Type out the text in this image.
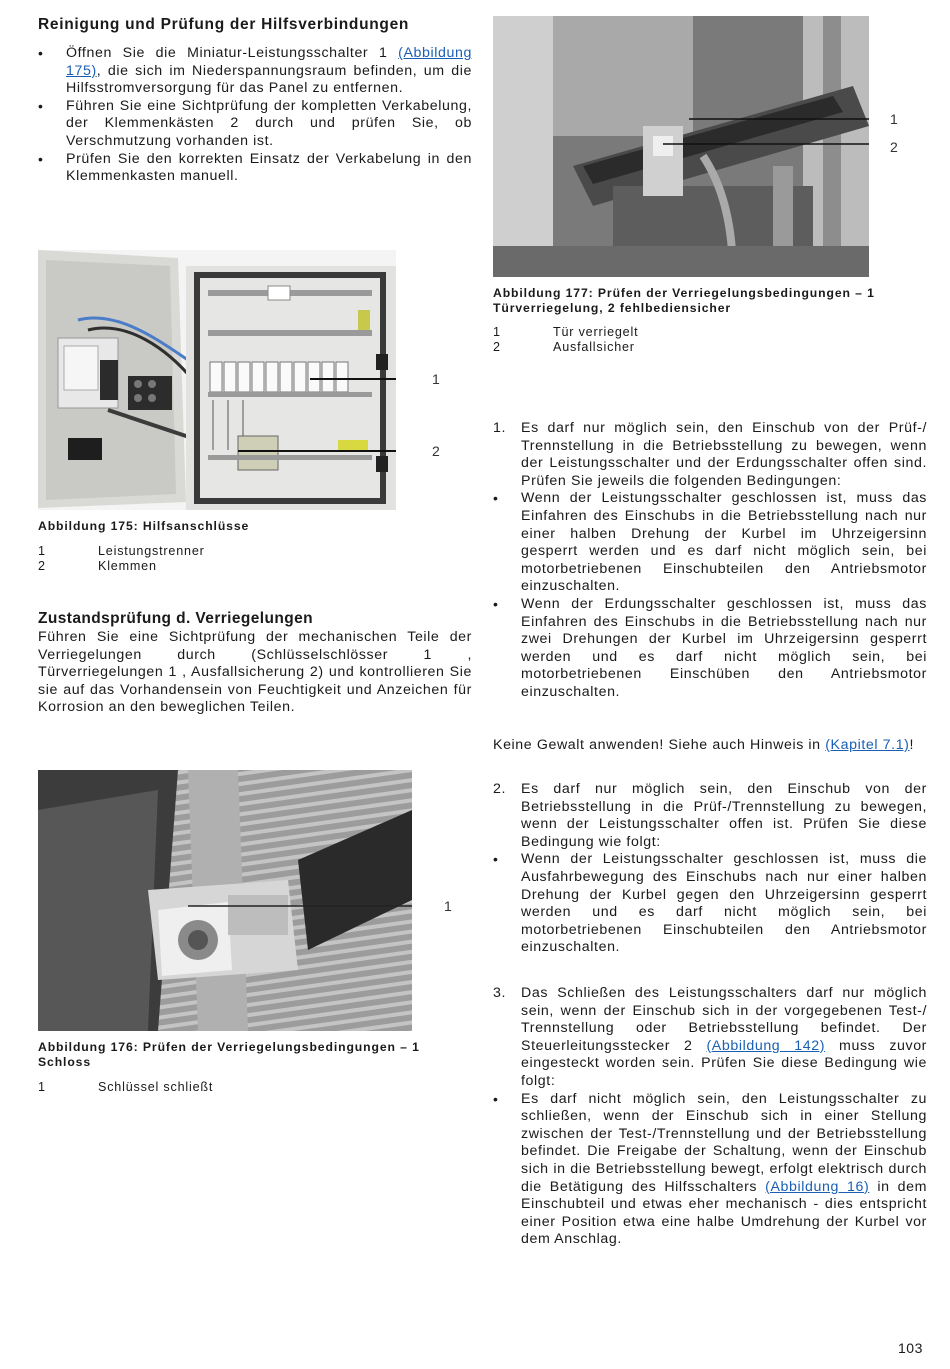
Reinigung und Prüfung der Hilfsverbindungen
• Öffnen Sie die Miniatur-Leistungsschalter 1 (Abbildung 175), die sich im Niederspannungsraum befinden, um die Hilfsstromversorgung für das Panel zu entfernen.
• Führen Sie eine Sichtprüfung der kompletten Verkabelung, der Klemmenkästen 2 durch und prüfen Sie, ob Verschmutzung vorhanden ist.
• Prüfen Sie den korrekten Einsatz der Verkabelung in den Klemmenkasten manuell.
1
2
Abbildung 175: Hilfsanschlüsse
1	Leistungstrenner
2	Klemmen
Zustandsprüfung d. Verriegelungen
Führen Sie eine Sichtprüfung der mechanischen Teile der Verriegelungen durch (Schlüsselschlösser 1 , Türverriegelungen 1 , Ausfallsicherung 2) und kontrollieren Sie sie auf das Vorhandensein von Feuchtigkeit und Anzeichen für Korrosion an den beweglichen Teilen.
1
Abbildung 176: Prüfen der Verriegelungsbedingungen – 1 Schloss
1	Schlüssel schließt
1
2
Abbildung 177: Prüfen der Verriegelungsbedingungen – 1 Türverriegelung, 2 fehlbediensicher
1	Tür verriegelt
2	Ausfallsicher
1. Es darf nur möglich sein, den Einschub von der Prüf-/ Trennstellung in die Betriebsstellung zu bewegen, wenn der Leistungsschalter und der Erdungsschalter offen sind. Prüfen Sie jeweils die folgenden Bedingungen:
• Wenn der Leistungsschalter geschlossen ist, muss das Einfahren des Einschubs in die Betriebsstellung nach nur einer halben Drehung der Kurbel im Uhrzeigersinn gesperrt werden und es darf nicht möglich sein, bei motorbetriebenen Einschubteilen den Antriebsmotor einzuschalten.
• Wenn der Erdungsschalter geschlossen ist, muss das Einfahren des Einschubs in die Betriebsstellung nach nur zwei Drehungen der Kurbel im Uhrzeigersinn gesperrt werden und es darf nicht möglich sein, bei motorbetriebenen Einschüben den Antriebsmotor einzuschalten.
Keine Gewalt anwenden! Siehe auch Hinweis in (Kapitel 7.1)!
2. Es darf nur möglich sein, den Einschub von der Betriebsstellung in die Prüf-/Trennstellung zu bewegen, wenn der Leistungsschalter offen ist. Prüfen Sie diese Bedingung wie folgt:
• Wenn der Leistungsschalter geschlossen ist, muss die Ausfahrbewegung des Einschubs nach nur einer halben Drehung der Kurbel gegen den Uhrzeigersinn gesperrt werden und es darf nicht möglich sein, bei motorbetriebenen Einschubteilen den Antriebsmotor einzuschalten.
3. Das Schließen des Leistungsschalters darf nur möglich sein, wenn der Einschub sich in der vorgegebenen Test-/ Trennstellung oder Betriebsstellung befindet. Der Steuerleitungsstecker 2 (Abbildung 142) muss zuvor eingesteckt worden sein. Prüfen Sie diese Bedingung wie folgt:
• Es darf nicht möglich sein, den Leistungsschalter zu schließen, wenn der Einschub sich in einer Stellung zwischen der Test-/Trennstellung und der Betriebsstellung befindet. Die Freigabe der Schaltung, wenn der Einschub sich in die Betriebsstellung bewegt, erfolgt elektrisch durch die Betätigung des Hilfsschalters (Abbildung 16) in dem Einschubteil und etwas eher mechanisch - dies entspricht einer Position etwa eine halbe Umdrehung der Kurbel vor dem Anschlag.
103
